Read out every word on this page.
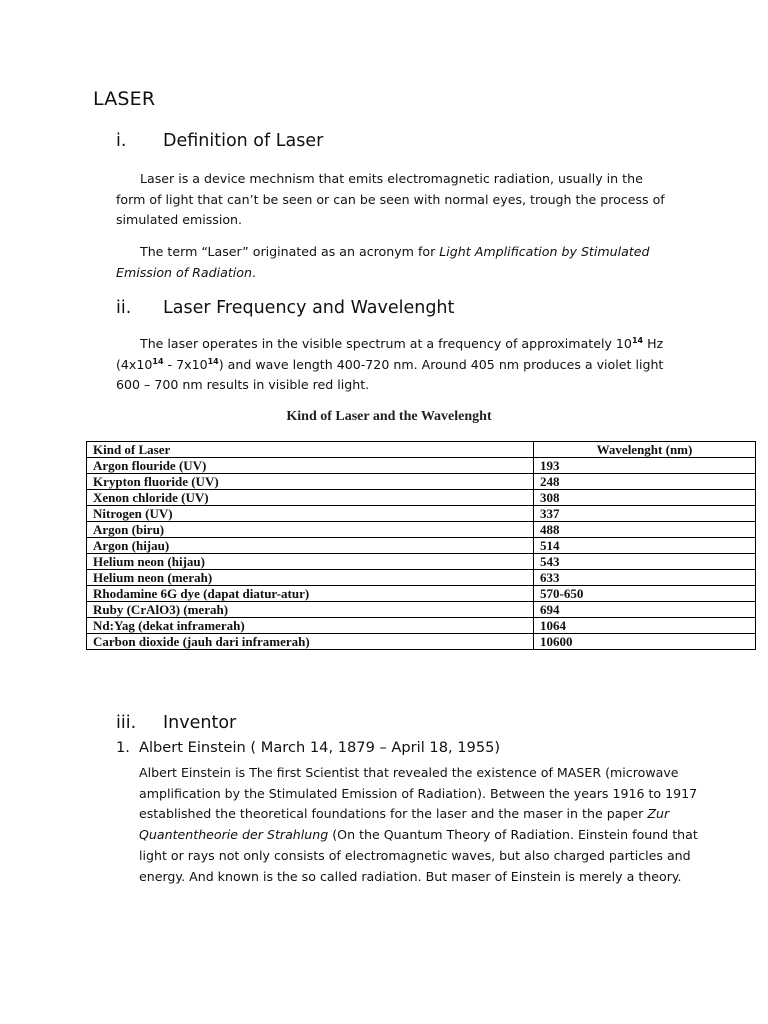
LASER
i. Definition of Laser

Laser is a device mechnism that emits electromagnetic radiation, usually in the form of light that can’t be seen or can be seen with normal eyes, trough the process of simulated emission.

The term “Laser” originated as an acronym for Light Amplification by Stimulated Emission of Radiation.

ii. Laser Frequency and Wavelenght

The laser operates in the visible spectrum at a frequency of approximately $10^{14}$ Hz $(4x10^{14} - 7x10^{14})$ and wave length 400-720 nm. Around 405 nm produces a violet light 600 – 700 nm results in visible red light.

Kind of Laser and the Wavelenght
Kind of Laser	Wavelenght (nm)
Argon flouride (UV)	193
Krypton fluoride (UV)	248
Xenon chloride (UV)	308
Nitrogen (UV)	337
Argon (biru)	488
Argon (hijau)	514
Helium neon (hijau)	543
Helium neon (merah)	633
Rhodamine 6G dye (dapat diatur-atur)	570-650
Ruby (CrAlO3) (merah)	694
Nd:Yag (dekat inframerah)	1064
Carbon dioxide (jauh dari inframerah)	10600
iii. Inventor
1. Albert Einstein ( March 14, 1879 – April 18, 1955)

Albert Einstein is The first Scientist that revealed the existence of MASER (microwave amplification by the Stimulated Emission of Radiation). Between the years 1916 to 1917 established the theoretical foundations for the laser and the maser in the paper Zur Quantentheorie der Strahlung (On the Quantum Theory of Radiation. Einstein found that light or rays not only consists of electromagnetic waves, but also charged particles and energy. And known is the so called radiation. But maser of Einstein is merely a theory.
